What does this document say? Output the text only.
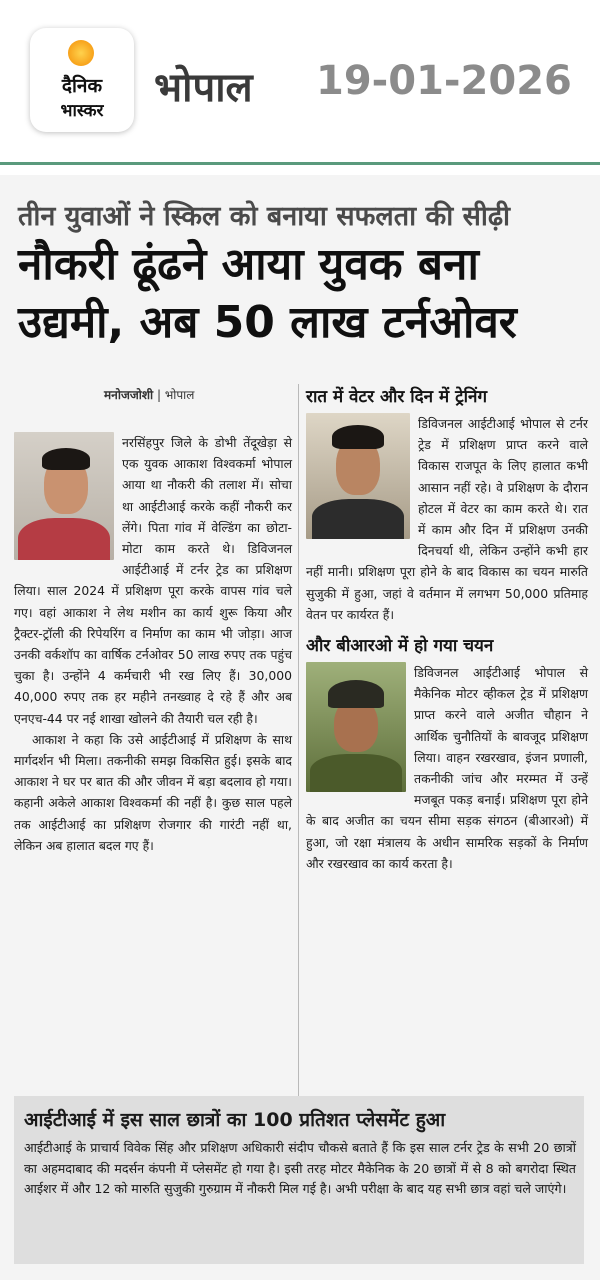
दैनिक
भास्कर	भोपाल 19-01-2026
तीन युवाओं ने स्किल को बनाया सफलता की सीढ़ी
नौकरी ढूंढने आया युवक बना
उद्यमी, अब 50 लाख टर्नओवर
मनोजजोशी | भोपाल

नरसिंहपुर जिले के डोभी तेंदूखेड़ा से एक युवक आकाश विश्वकर्मा भोपाल आया था नौकरी की तलाश में। सोचा था आईटीआई करके कहीं नौकरी कर लेंगे। पिता गांव में वेल्डिंग का छोटा-मोटा काम करते थे। डिविजनल आईटीआई में टर्नर ट्रेड का प्रशिक्षण लिया। साल 2024 में प्रशिक्षण पूरा करके वापस गांव चले गए। वहां आकाश ने लेथ मशीन का कार्य शुरू किया और ट्रैक्टर-ट्रॉली की रिपेयरिंग व निर्माण का काम भी जोड़ा। आज उनकी वर्कशॉप का वार्षिक टर्नओवर 50 लाख रुपए तक पहुंच चुका है। उन्होंने 4 कर्मचारी भी रख लिए हैं। 30,000 40,000 रुपए तक हर महीने तनख्वाह दे रहे हैं और अब एनएच-44 पर नई शाखा खोलने की तैयारी चल रही है।

आकाश ने कहा कि उसे आईटीआई में प्रशिक्षण के साथ मार्गदर्शन भी मिला। तकनीकी समझ विकसित हुई। इसके बाद आकाश ने घर पर बात की और जीवन में बड़ा बदलाव हो गया। कहानी अकेले आकाश विश्वकर्मा की नहीं है। कुछ साल पहले तक आईटीआई का प्रशिक्षण रोजगार की गारंटी नहीं था, लेकिन अब हालात बदल गए हैं।

रात में वेटर और दिन में ट्रेनिंग

डिविजनल आईटीआई भोपाल से टर्नर ट्रेड में प्रशिक्षण प्राप्त करने वाले विकास राजपूत के लिए हालात कभी आसान नहीं रहे। वे प्रशिक्षण के दौरान होटल में वेटर का काम करते थे। रात में काम और दिन में प्रशिक्षण उनकी दिनचर्या थी, लेकिन उन्होंने कभी हार नहीं मानी। प्रशिक्षण पूरा होने के बाद विकास का चयन मारुति सुजुकी में हुआ, जहां वे वर्तमान में लगभग 50,000 प्रतिमाह वेतन पर कार्यरत हैं।

और बीआरओ में हो गया चयन

डिविजनल आईटीआई भोपाल से मैकेनिक मोटर व्हीकल ट्रेड में प्रशिक्षण प्राप्त करने वाले अजीत चौहान ने आर्थिक चुनौतियों के बावजूद प्रशिक्षण लिया। वाहन रखरखाव, इंजन प्रणाली, तकनीकी जांच और मरम्मत में उन्हें मजबूत पकड़ बनाई। प्रशिक्षण पूरा होने के बाद अजीत का चयन सीमा सड़क संगठन (बीआरओ) में हुआ, जो रक्षा मंत्रालय के अधीन सामरिक सड़कों के निर्माण और रखरखाव का कार्य करता है।

आईटीआई में इस साल छात्रों का 100 प्रतिशत प्लेसमेंट हुआ

आईटीआई के प्राचार्य विवेक सिंह और प्रशिक्षण अधिकारी संदीप चौकसे बताते हैं कि इस साल टर्नर ट्रेड के सभी 20 छात्रों का अहमदाबाद की मदर्सन कंपनी में प्लेसमेंट हो गया है। इसी तरह मोटर मैकेनिक के 20 छात्रों में से 8 को बगरोदा स्थित आईशर में और 12 को मारुति सुजुकी गुरुग्राम में नौकरी मिल गई है। अभी परीक्षा के बाद यह सभी छात्र वहां चले जाएंगे।
